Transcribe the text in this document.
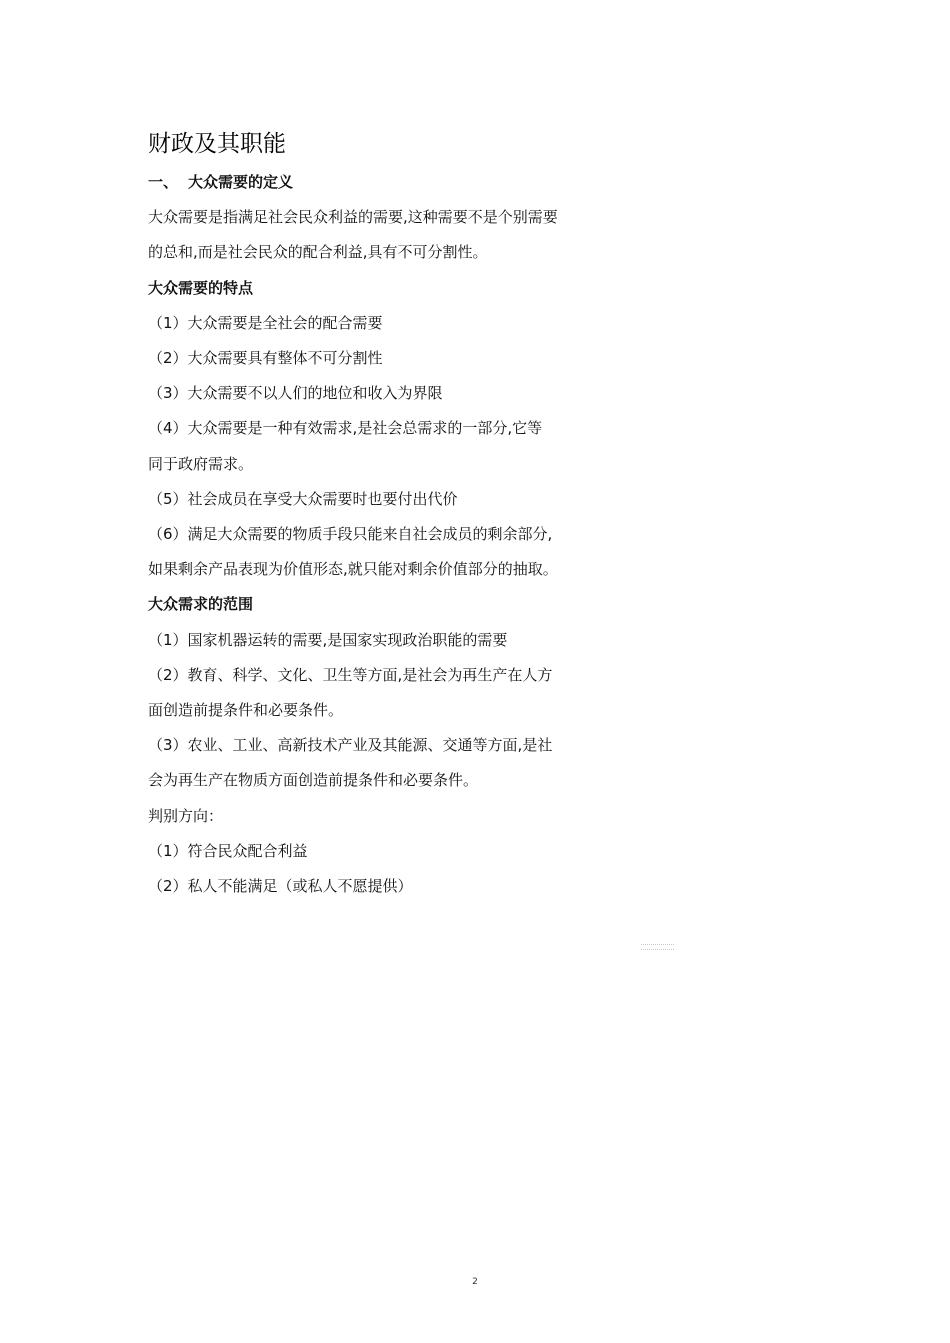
财政及其职能

一、 大众需要的定义

大众需要是指满足社会民众利益的需要,这种需要不是个别需要

的总和,而是社会民众的配合利益,具有不可分割性。

大众需要的特点

（1）大众需要是全社会的配合需要

（2）大众需要具有整体不可分割性

（3）大众需要不以人们的地位和收入为界限

（4）大众需要是一种有效需求,是社会总需求的一部分,它等

同于政府需求。

（5）社会成员在享受大众需要时也要付出代价

（6）满足大众需要的物质手段只能来自社会成员的剩余部分,

如果剩余产品表现为价值形态,就只能对剩余价值部分的抽取。

大众需求的范围

（1）国家机器运转的需要,是国家实现政治职能的需要

（2）教育、科学、文化、卫生等方面,是社会为再生产在人方

面创造前提条件和必要条件。

（3）农业、工业、高新技术产业及其能源、交通等方面,是社

会为再生产在物质方面创造前提条件和必要条件。

判别方向：

（1）符合民众配合利益

（2）私人不能满足（或私人不愿提供）

2
